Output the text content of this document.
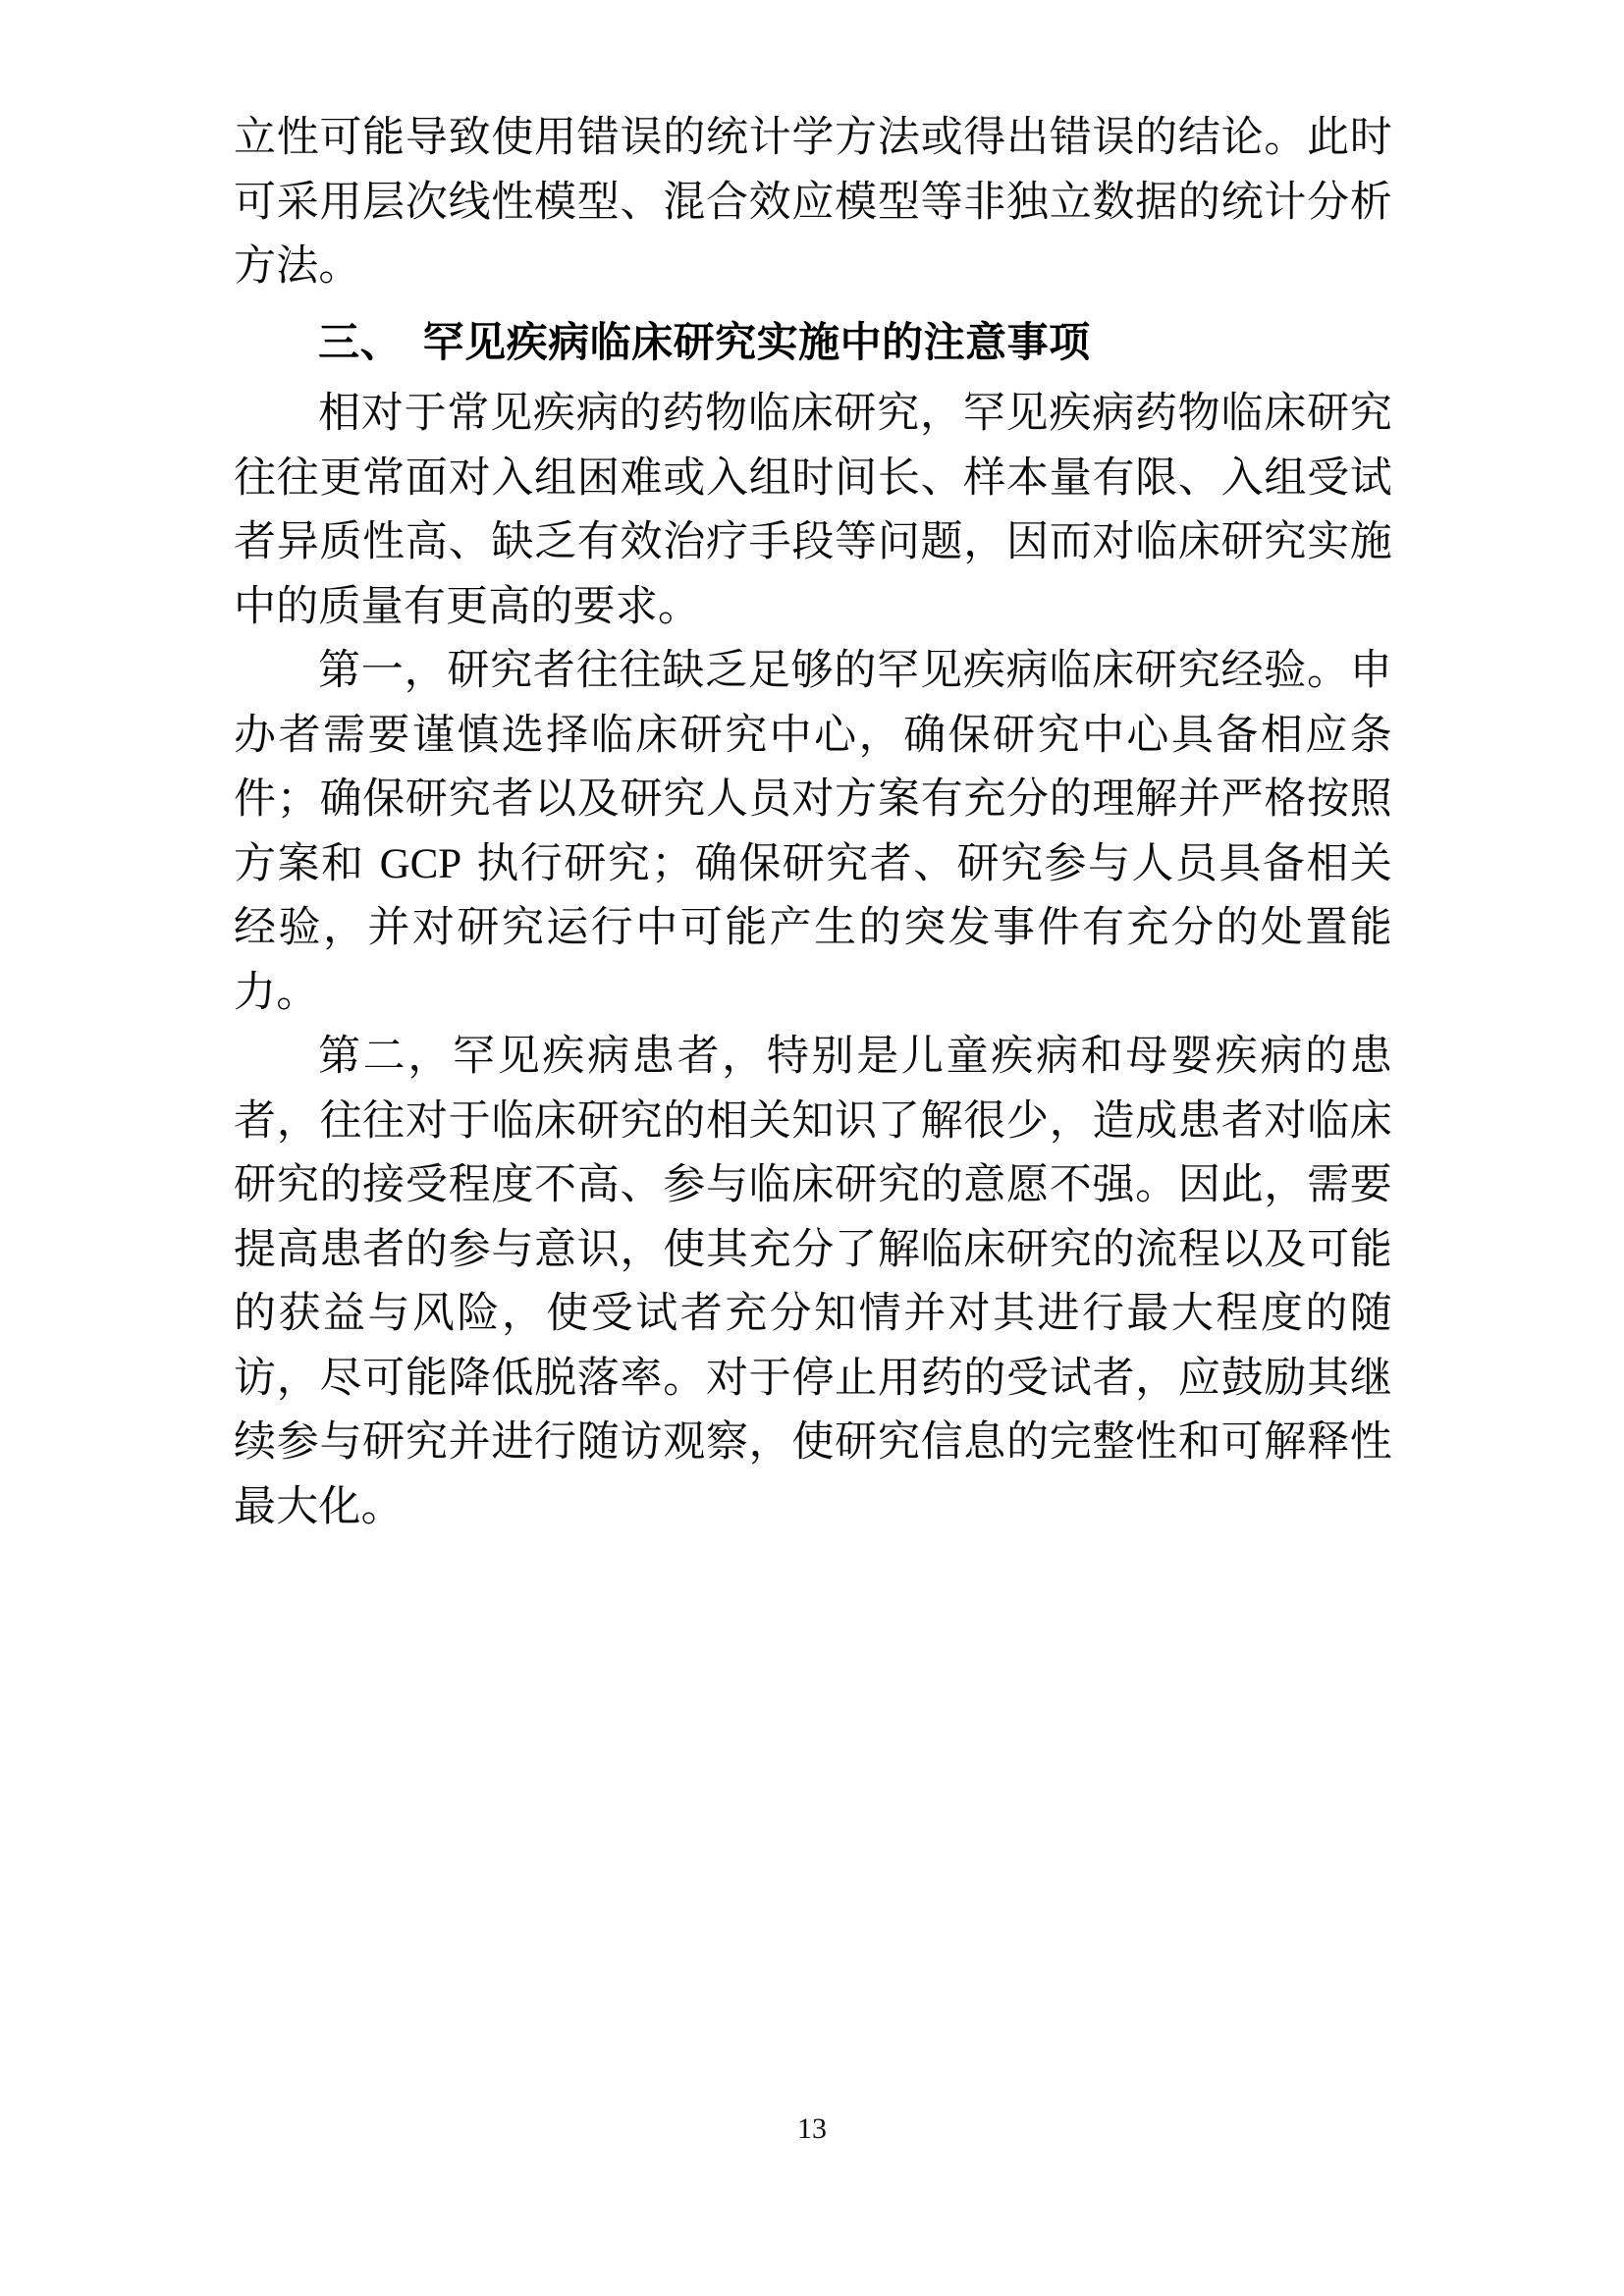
立性可能导致使用错误的统计学方法或得出错误的结论。此时可采用层次线性模型、混合效应模型等非独立数据的统计分析方法。

三、　罕见疾病临床研究实施中的注意事项

相对于常见疾病的药物临床研究，罕见疾病药物临床研究往往更常面对入组困难或入组时间长、样本量有限、入组受试者异质性高、缺乏有效治疗手段等问题，因而对临床研究实施中的质量有更高的要求。

第一，研究者往往缺乏足够的罕见疾病临床研究经验。申办者需要谨慎选择临床研究中心，确保研究中心具备相应条件；确保研究者以及研究人员对方案有充分的理解并严格按照方案和 GCP 执行研究；确保研究者、研究参与人员具备相关经验，并对研究运行中可能产生的突发事件有充分的处置能力。

第二，罕见疾病患者，特别是儿童疾病和母婴疾病的患者，往往对于临床研究的相关知识了解很少，造成患者对临床研究的接受程度不高、参与临床研究的意愿不强。因此，需要提高患者的参与意识，使其充分了解临床研究的流程以及可能的获益与风险，使受试者充分知情并对其进行最大程度的随访，尽可能降低脱落率。对于停止用药的受试者，应鼓励其继续参与研究并进行随访观察，使研究信息的完整性和可解释性最大化。

13
